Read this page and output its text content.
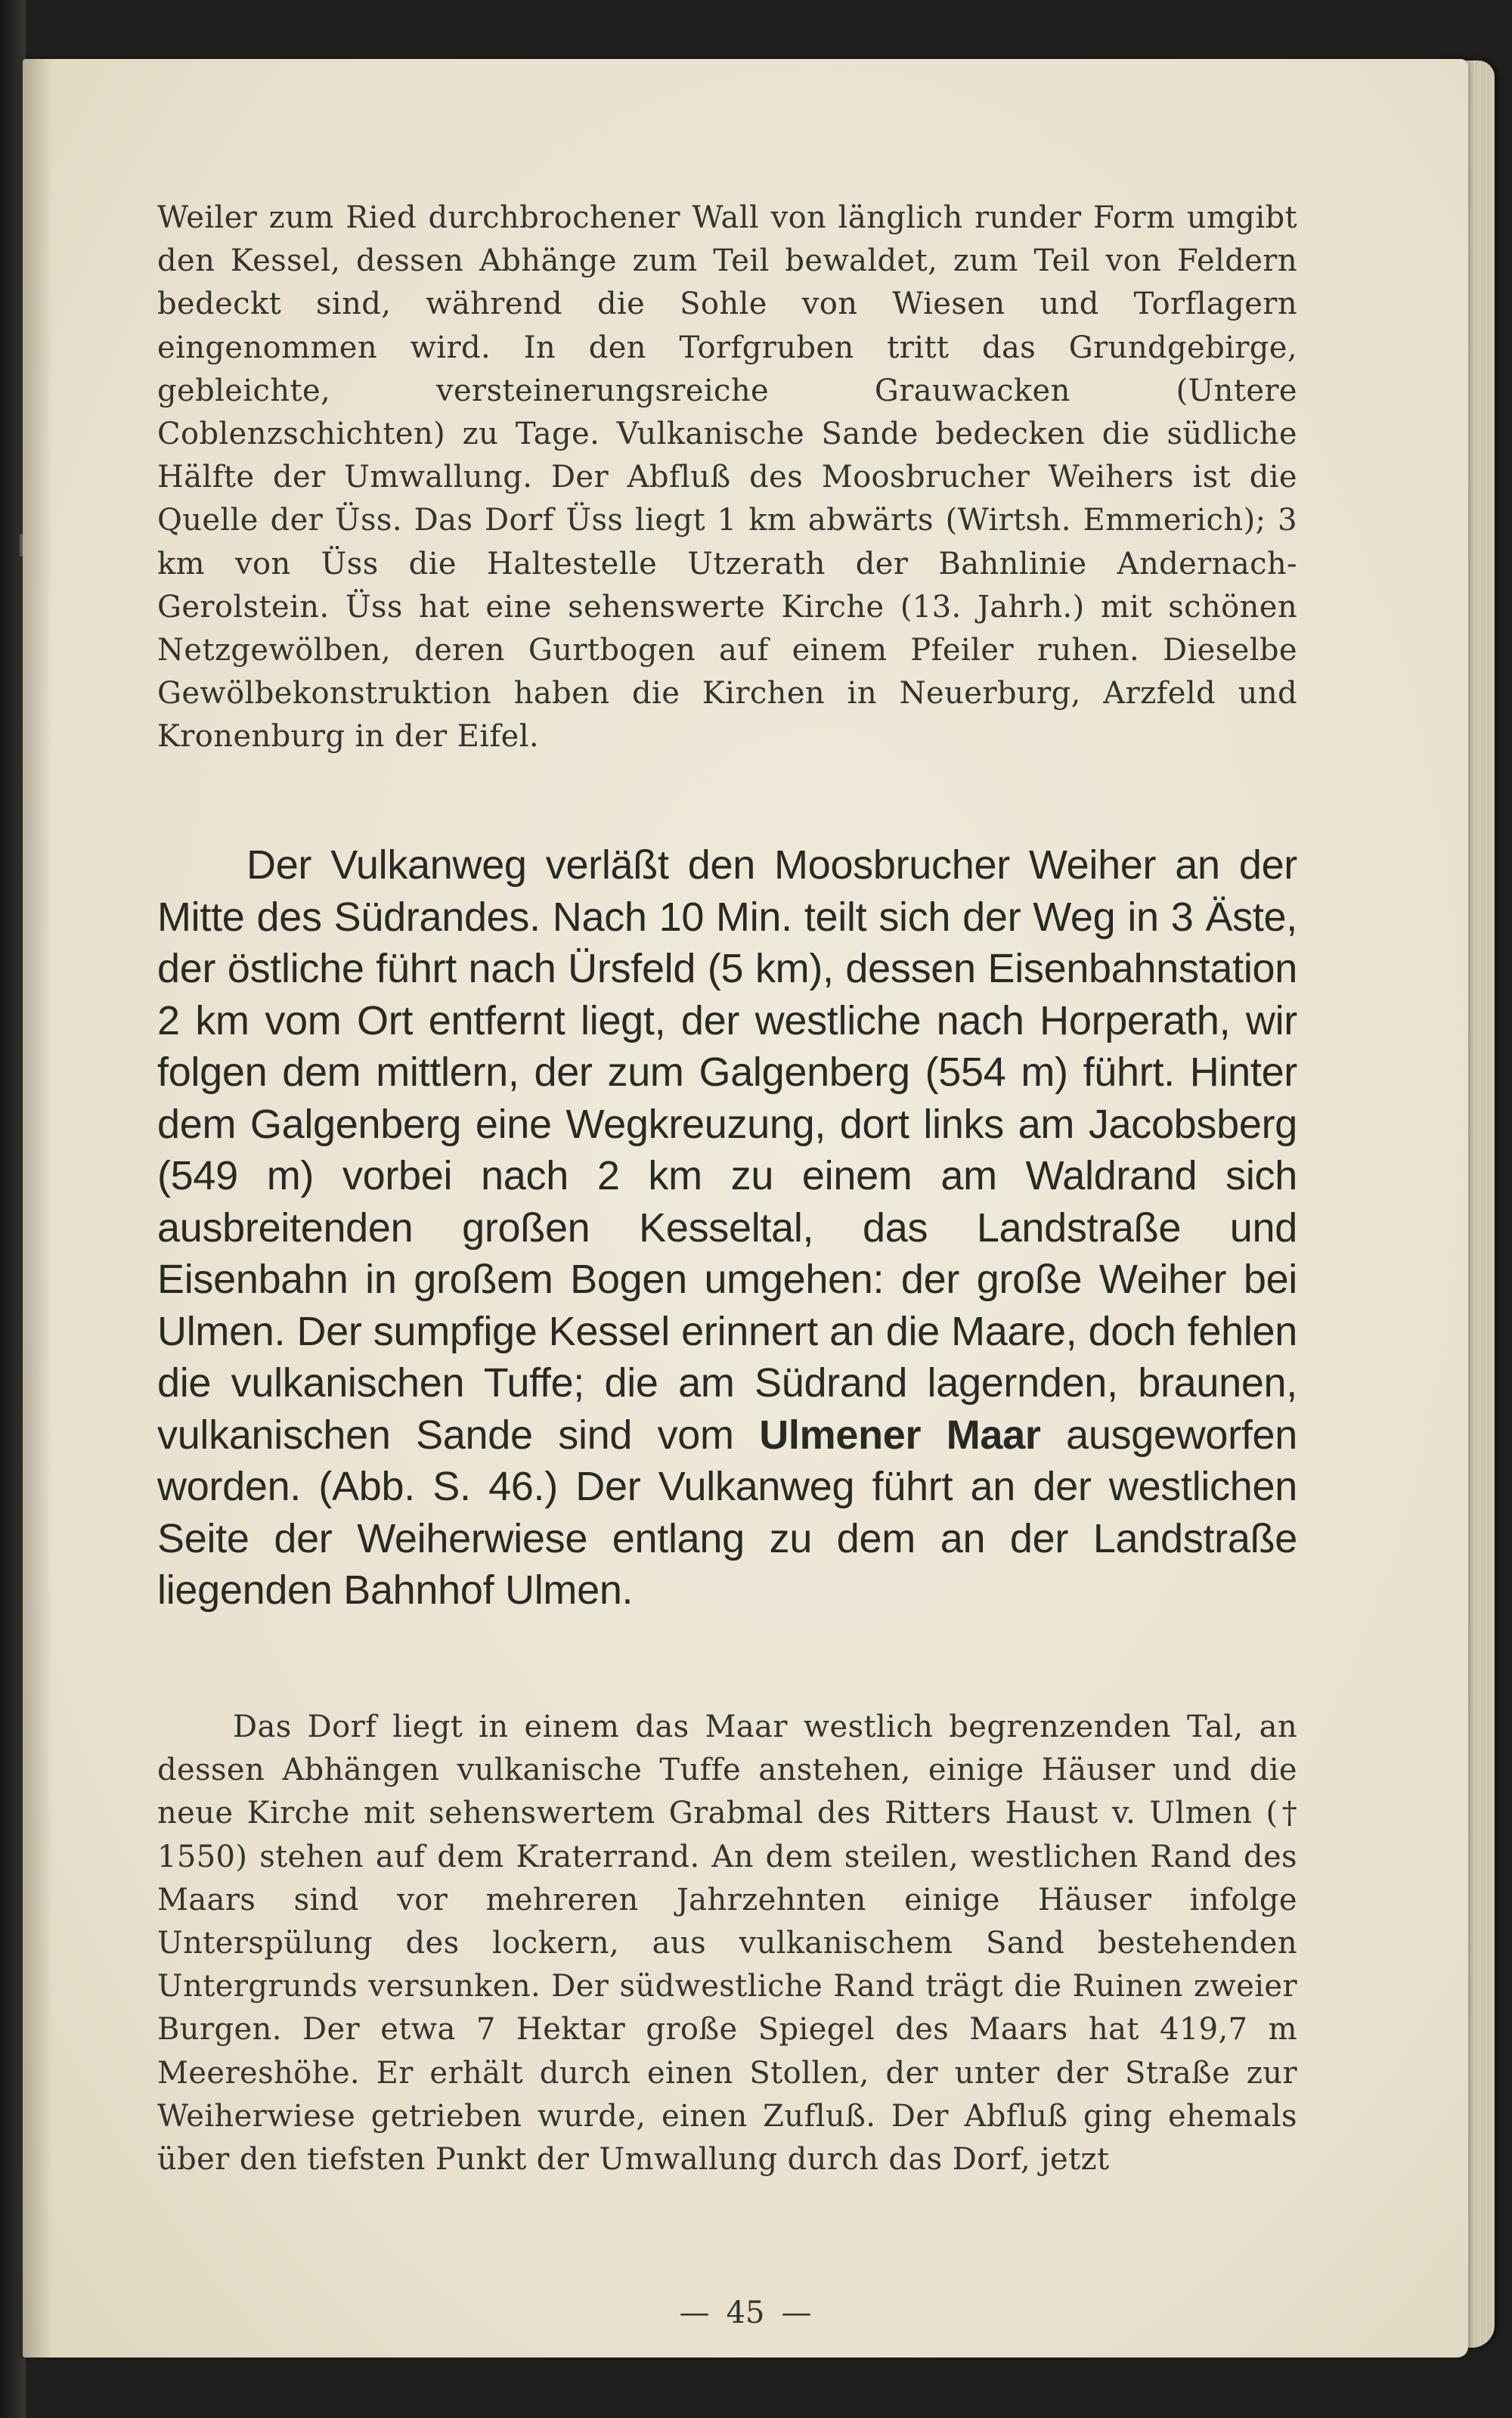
Weiler zum Ried durchbrochener Wall von länglich runder Form umgibt den Kessel, dessen Abhänge zum Teil bewaldet, zum Teil von Feldern bedeckt sind, während die Sohle von Wiesen und Torflagern eingenommen wird. In den Torfgruben tritt das Grundgebirge, gebleichte, versteinerungsreiche Grauwacken (Untere Coblenzschichten) zu Tage. Vulkanische Sande bedecken die südliche Hälfte der Umwallung. Der Abfluß des Moosbrucher Weihers ist die Quelle der Üss. Das Dorf Üss liegt 1 km abwärts (Wirtsh. Emmerich); 3 km von Üss die Haltestelle Utzerath der Bahnlinie Andernach-Gerolstein. Üss hat eine sehenswerte Kirche (13. Jahrh.) mit schönen Netzgewölben, deren Gurtbogen auf einem Pfeiler ruhen. Dieselbe Gewölbekonstruktion haben die Kirchen in Neuerburg, Arzfeld und Kronenburg in der Eifel.

Der Vulkanweg verläßt den Moosbrucher Weiher an der Mitte des Südrandes. Nach 10 Min. teilt sich der Weg in 3 Äste, der östliche führt nach Ürsfeld (5 km), dessen Eisenbahnstation 2 km vom Ort entfernt liegt, der westliche nach Horperath, wir folgen dem mittlern, der zum Galgenberg (554 m) führt. Hinter dem Galgenberg eine Wegkreuzung, dort links am Jacobsberg (549 m) vorbei nach 2 km zu einem am Waldrand sich ausbreitenden großen Kesseltal, das Landstraße und Eisenbahn in großem Bogen umgehen: der große Weiher bei Ulmen. Der sumpfige Kessel erinnert an die Maare, doch fehlen die vulkanischen Tuffe; die am Südrand lagernden, braunen, vulkanischen Sande sind vom Ulmener Maar ausgeworfen worden. (Abb. S. 46.) Der Vulkanweg führt an der westlichen Seite der Weiherwiese entlang zu dem an der Landstraße liegenden Bahnhof Ulmen.

Das Dorf liegt in einem das Maar westlich begrenzenden Tal, an dessen Abhängen vulkanische Tuffe anstehen, einige Häuser und die neue Kirche mit sehenswertem Grabmal des Ritters Haust v. Ulmen († 1550) stehen auf dem Kraterrand. An dem steilen, westlichen Rand des Maars sind vor mehreren Jahrzehnten einige Häuser infolge Unterspülung des lockern, aus vulkanischem Sand bestehenden Untergrunds versunken. Der südwestliche Rand trägt die Ruinen zweier Burgen. Der etwa 7 Hektar große Spiegel des Maars hat 419,7 m Meereshöhe. Er erhält durch einen Stollen, der unter der Straße zur Weiherwiese getrieben wurde, einen Zufluß. Der Abfluß ging ehemals über den tiefsten Punkt der Umwallung durch das Dorf, jetzt

— 45 —
